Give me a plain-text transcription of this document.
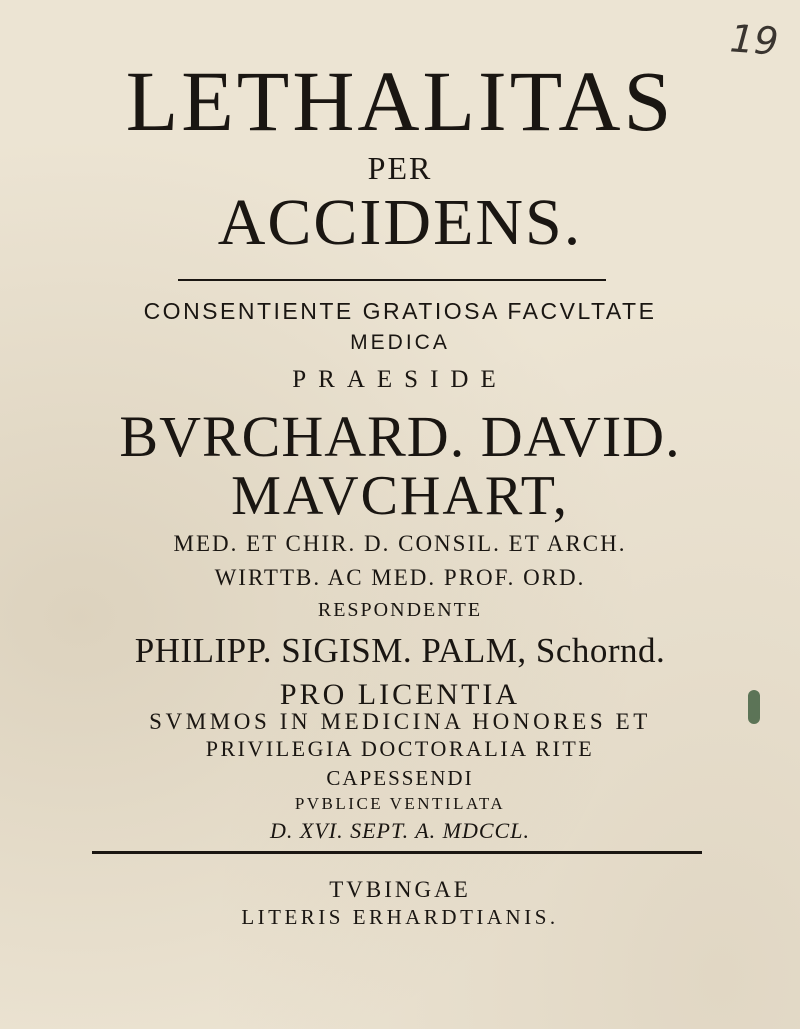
19
LETHALITAS
PER
ACCIDENS.
CONSENTIENTE GRATIOSA FACVLTATE
MEDICA
PRAESIDE
BVRCHARD. DAVID.
MAVCHART,
MED. ET CHIR. D. CONSIL. ET ARCH.
WIRTTB. AC MED. PROF. ORD.
RESPONDENTE
PHILIPP. SIGISM. PALM, Schornd.
PRO LICENTIA
SVMMOS IN MEDICINA HONORES ET
PRIVILEGIA DOCTORALIA RITE
CAPESSENDI
PVBLICE VENTILATA
D. XVI. SEPT. A. MDCCL.
TVBINGAE
LITERIS ERHARDTIANIS.
